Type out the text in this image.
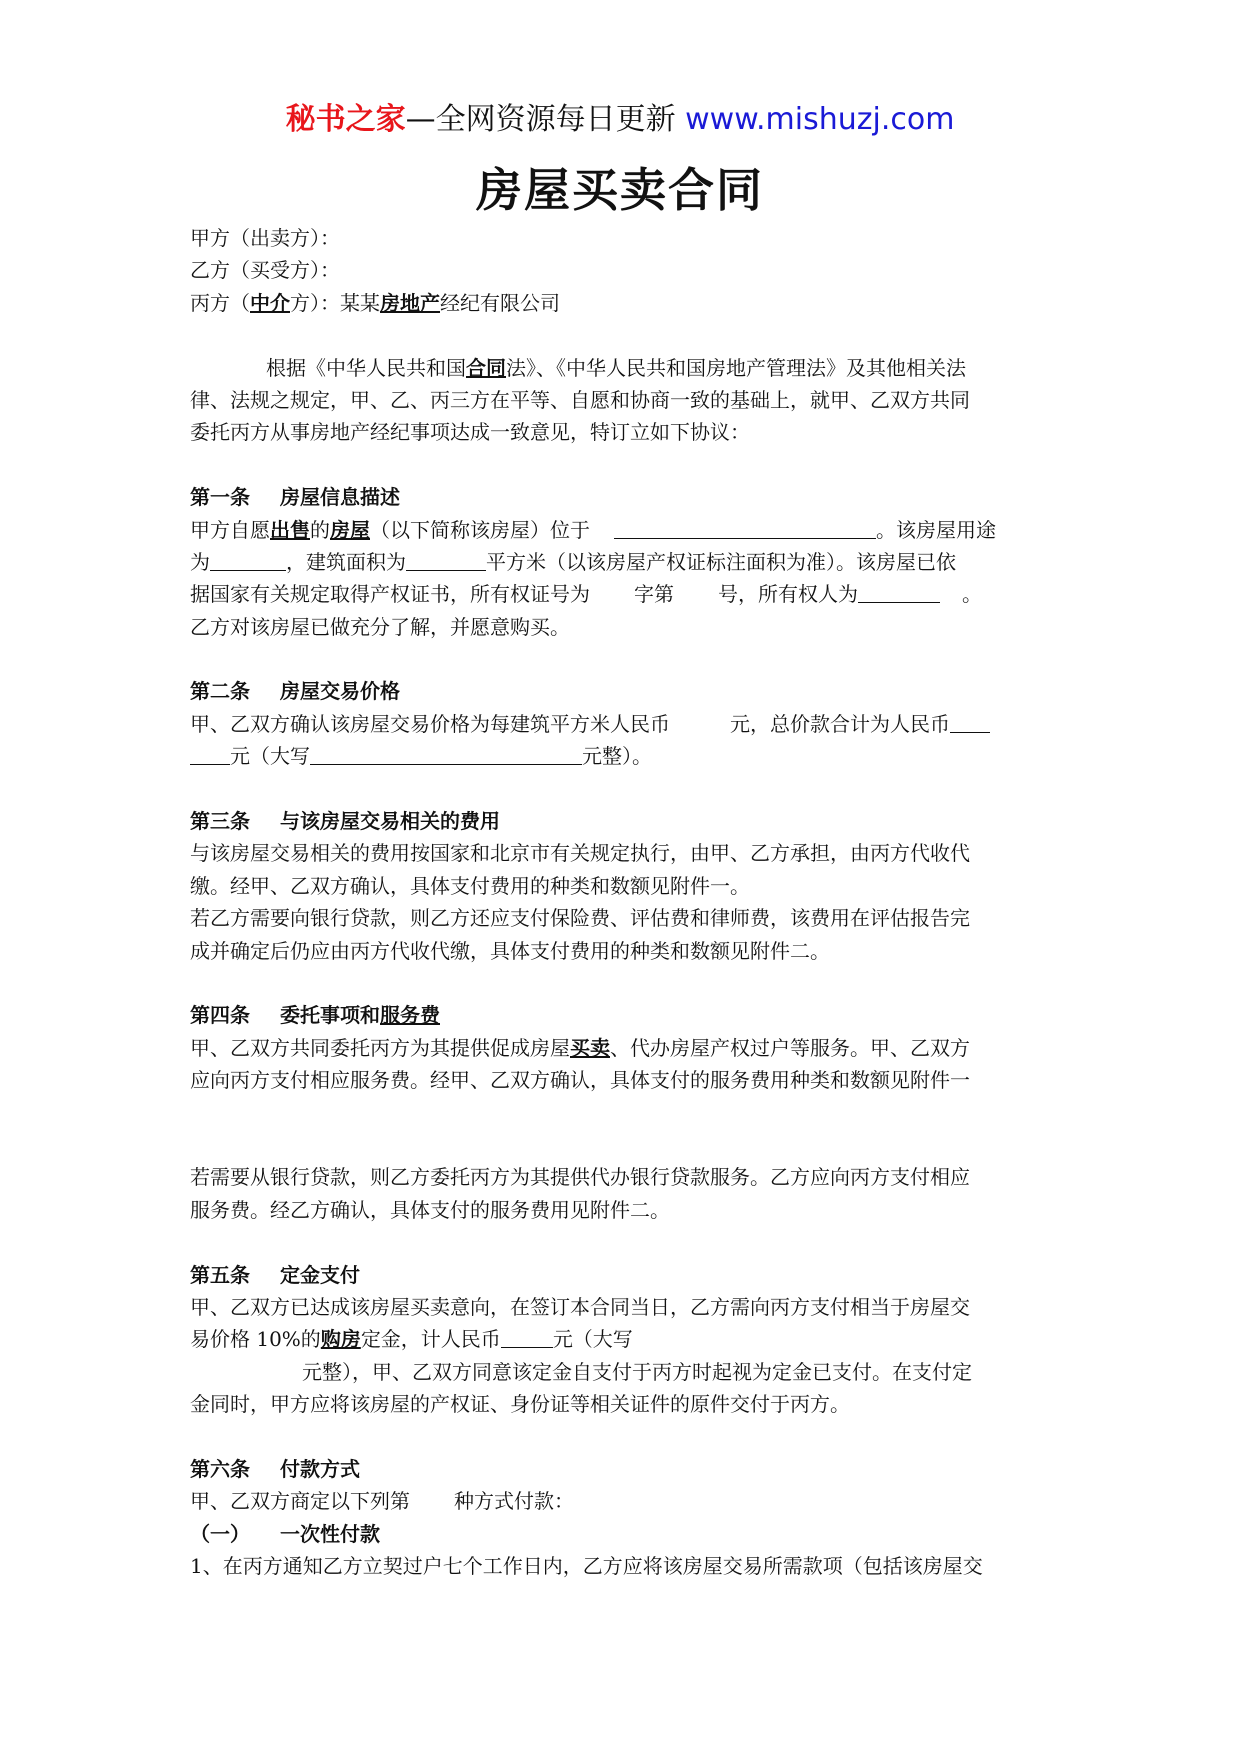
秘书之家—全网资源每日更新 www.mishuzj.com
房屋买卖合同
甲方（出卖方）：
乙方（买受方）：
丙方（中介方）：某某房地产经纪有限公司
根据《中华人民共和国合同法》、《中华人民共和国房地产管理法》及其他相关法
律、法规之规定，甲、乙、丙三方在平等、自愿和协商一致的基础上，就甲、乙双方共同
委托丙方从事房地产经纪事项达成一致意见，特订立如下协议：
第一条 房屋信息描述
甲方自愿出售的房屋（以下简称该房屋）位于	。该房屋用途
为	，建筑面积为	平方米（以该房屋产权证标注面积为准）。该房屋已依
据国家有关规定取得产权证书，所有权证号为 字第 号，所有权人为	。
乙方对该房屋已做充分了解，并愿意购买。
第二条 房屋交易价格
甲、乙双方确认该房屋交易价格为每建筑平方米人民币	元，总价款合计为人民币
元（大写	元整）。
第三条 与该房屋交易相关的费用
与该房屋交易相关的费用按国家和北京市有关规定执行，由甲、乙方承担，由丙方代收代
缴。经甲、乙双方确认，具体支付费用的种类和数额见附件一。
若乙方需要向银行贷款，则乙方还应支付保险费、评估费和律师费，该费用在评估报告完
成并确定后仍应由丙方代收代缴，具体支付费用的种类和数额见附件二。
第四条 委托事项和服务费
甲、乙双方共同委托丙方为其提供促成房屋买卖、代办房屋产权过户等服务。甲、乙双方
应向丙方支付相应服务费。经甲、乙双方确认，具体支付的服务费用种类和数额见附件一
若需要从银行贷款，则乙方委托丙方为其提供代办银行贷款服务。乙方应向丙方支付相应
服务费。经乙方确认，具体支付的服务费用见附件二。
第五条 定金支付
甲、乙双方已达成该房屋买卖意向，在签订本合同当日，乙方需向丙方支付相当于房屋交
易价格 10%的购房定金，计人民币	元（大写
元整），甲、乙双方同意该定金自支付于丙方时起视为定金已支付。在支付定
金同时，甲方应将该房屋的产权证、身份证等相关证件的原件交付于丙方。
第六条 付款方式
甲、乙双方商定以下列第 种方式付款：
（一） 一次性付款
1、在丙方通知乙方立契过户七个工作日内，乙方应将该房屋交易所需款项（包括该房屋交
